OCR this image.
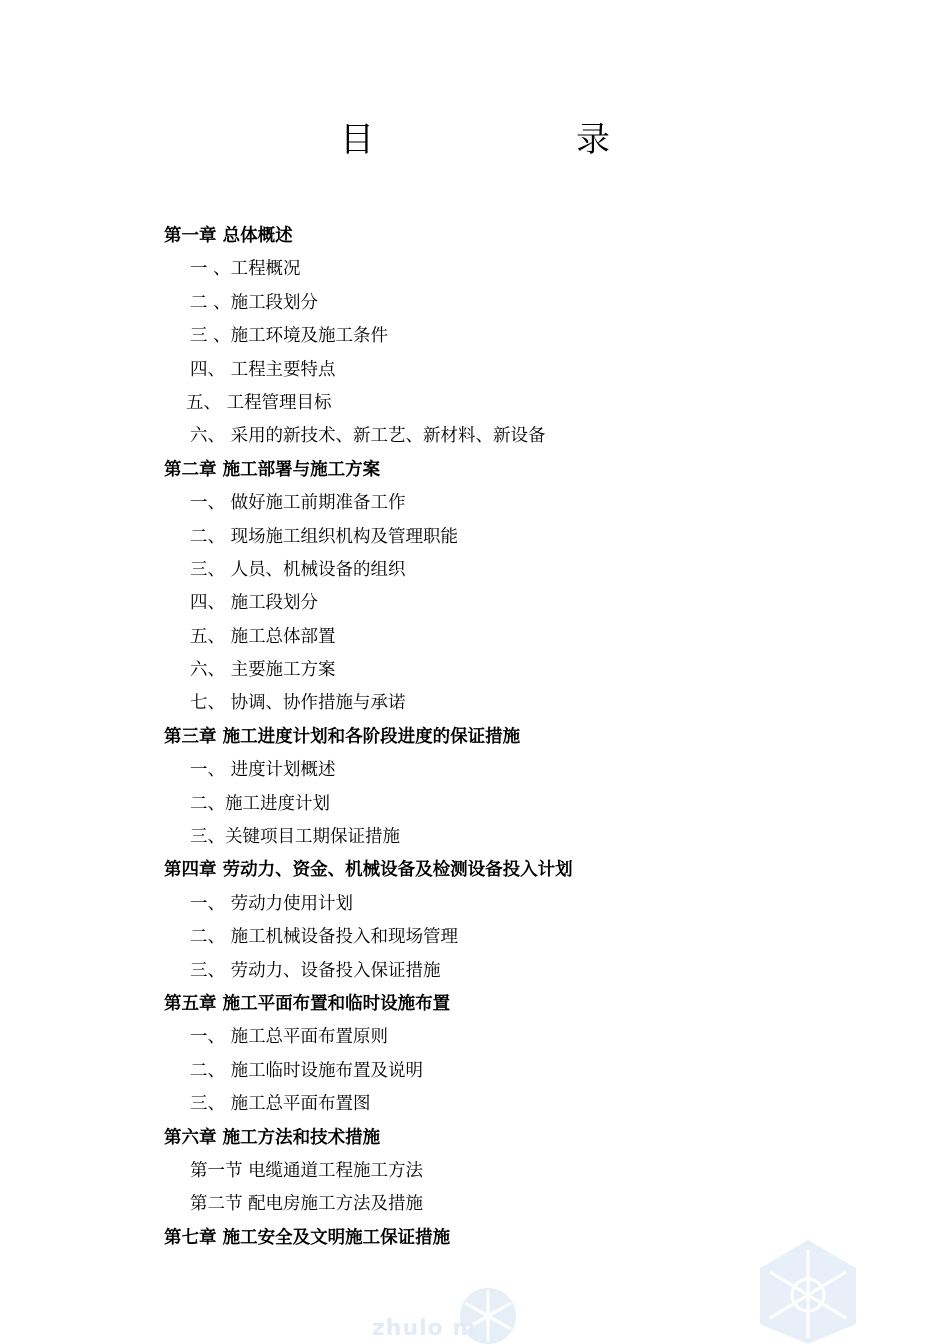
目　录
第一章 总体概述
一 、工程概况
二 、施工段划分
三 、施工环境及施工条件
四、 工程主要特点
五、 工程管理目标
六、 采用的新技术、新工艺、新材料、新设备
第二章 施工部署与施工方案
一、 做好施工前期准备工作
二、 现场施工组织机构及管理职能
三、 人员、机械设备的组织
四、 施工段划分
五、 施工总体部置
六、 主要施工方案
七、 协调、协作措施与承诺
第三章 施工进度计划和各阶段进度的保证措施
一、 进度计划概述
二、施工进度计划
三、关键项目工期保证措施
第四章 劳动力、资金、机械设备及检测设备投入计划
一、 劳动力使用计划
二、 施工机械设备投入和现场管理
三、 劳动力、设备投入保证措施
第五章 施工平面布置和临时设施布置
一、 施工总平面布置原则
二、 施工临时设施布置及说明
三、 施工总平面布置图
第六章 施工方法和技术措施
第一节 电缆通道工程施工方法
第二节 配电房施工方法及措施
第七章 施工安全及文明施工保证措施
zhulo m
